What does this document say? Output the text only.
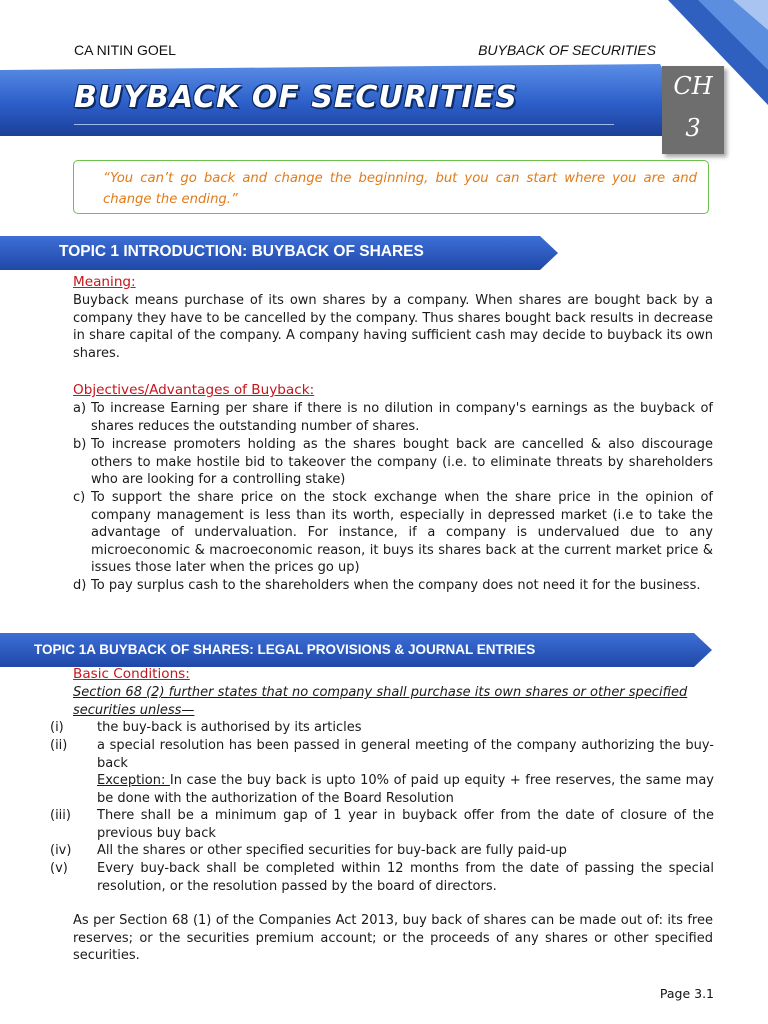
CA NITIN GOEL	BUYBACK OF SECURITIES
BUYBACK OF SECURITIES	CH
3
“You can’t go back and change the beginning, but you can start where you are and change the ending.”
TOPIC 1 INTRODUCTION: BUYBACK OF SHARES
Meaning:
Buyback means purchase of its own shares by a company. When shares are bought back by a company they have to be cancelled by the company. Thus shares bought back results in decrease in share capital of the company. A company having sufficient cash may decide to buyback its own shares.
Objectives/Advantages of Buyback:
a) To increase Earning per share if there is no dilution in company's earnings as the buyback of shares reduces the outstanding number of shares.
b) To increase promoters holding as the shares bought back are cancelled & also discourage others to make hostile bid to takeover the company (i.e. to eliminate threats by shareholders who are looking for a controlling stake)
c) To support the share price on the stock exchange when the share price in the opinion of company management is less than its worth, especially in depressed market (i.e to take the advantage of undervaluation. For instance, if a company is undervalued due to any microeconomic & macroeconomic reason, it buys its shares back at the current market price & issues those later when the prices go up)
d) To pay surplus cash to the shareholders when the company does not need it for the business.
TOPIC 1A BUYBACK OF SHARES: LEGAL PROVISIONS & JOURNAL ENTRIES
Basic Conditions:
Section 68 (2) further states that no company shall purchase its own shares or other specified securities unless—
(i)	the buy-back is authorised by its articles
(ii) a special resolution has been passed in general meeting of the company authorizing the buy-back
Exception: In case the buy back is upto 10% of paid up equity + free reserves, the same may be done with the authorization of the Board Resolution
(iii) There shall be a minimum gap of 1 year in buyback offer from the date of closure of the previous buy back
(iv) All the shares or other specified securities for buy-back are fully paid-up
(v) Every buy-back shall be completed within 12 months from the date of passing the special resolution, or the resolution passed by the board of directors.
As per Section 68 (1) of the Companies Act 2013, buy back of shares can be made out of: its free reserves; or the securities premium account; or the proceeds of any shares or other specified securities.
Page 3.1
